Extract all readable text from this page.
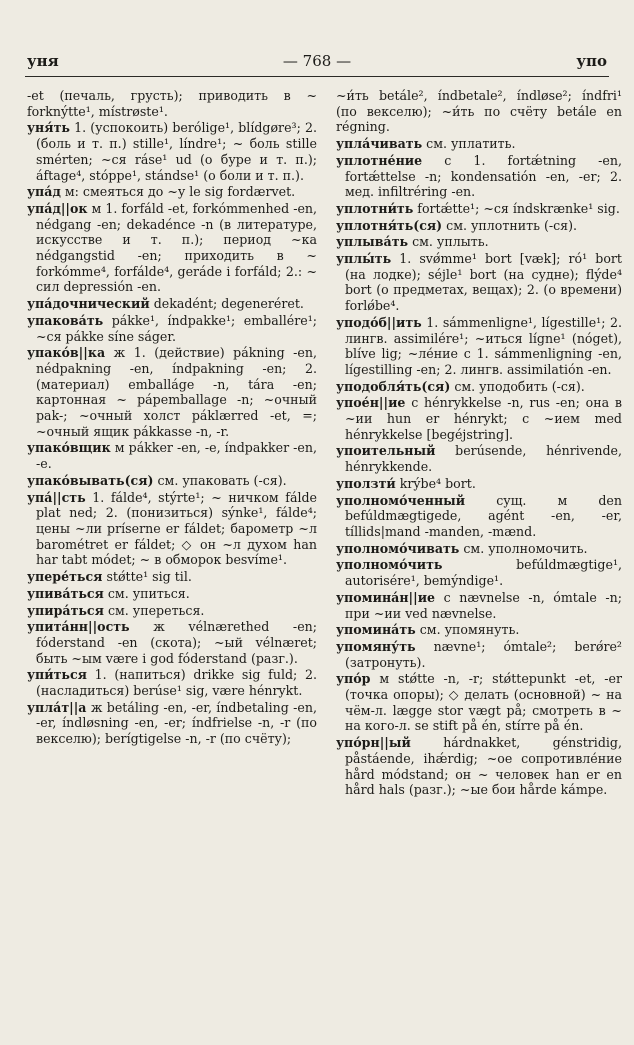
уня	— 768 —	упо

-et (печаль, грусть); приводить в ~ forknýtte¹, místrøste¹.

уня́ть 1. (успокоить) berólige¹, blídgøre³; 2. (боль и т. п.) stille¹, líndre¹; ~ боль stille smérten; ~ся ráse¹ ud (о буре и т. п.); áftage⁴, stóppe¹, stándse¹ (о боли и т. п.).

упа́д м: смеяться до ~у le sig fordærvet.

упа́д||ок м 1. forfáld -et, forkómmenhed -en, nédgang -en; dekadénce -n (в литературе, искусстве и т. п.); период ~ка nédgangstid -en; приходить в ~ forkómme⁴, forfálde⁴, geráde i forfáld; 2.: ~ сил depressión -en.

упа́дочнический dekadént; degeneréret.

упакова́ть pákke¹, índpakke¹; emballére¹; ~ся pákke síne ságer.

упако́в||ка ж 1. (действие) pákning -en, nédpakning -en, índpakning -en; 2. (материал) emballáge -n, tára -en; картонная ~ pápemballage -n; ~очный pak-; ~очный холст páklærred -et, =; ~очный ящик pákkasse -n, -r.

упако́вщик м pákker -en, -e, índpakker -en, -e.

упако́вывать(ся) см. упаковать (-ся).

упа́||сть 1. fálde⁴, stýrte¹; ~ ничком fálde plat ned; 2. (понизиться) sýnke¹, fálde⁴; цены ~ли príserne er fáldet; барометр ~л barométret er fáldet; ◇ он ~л духом han har tabt módet; ~ в обморок besvíme¹.

упере́ться stǿtte¹ sig til.

упива́ться см. упиться.

упира́ться см. упереться.

упита́нн||ость ж vélnærethed -en; fóderstand -en (скота); ~ый vélnæret; быть ~ым være i god fóderstand (разг.).

упи́ться 1. (напиться) drikke sig fuld; 2. (насладиться) berúse¹ sig, være hénrykt.

упла́т||а ж betáling -en, -er, índbetaling -en, -er, índløsning -en, -er; índfrielse -n, -r (по векселю); berígtigelse -n, -r (по счёту);

~и́ть betále², índbetale², índløse²; índfri¹ (по векселю); ~и́ть по счёту betále en régning.

упла́чивать см. уплатить.

уплотне́ние с 1. fortǽtning -en, fortǽttelse -n; kondensatión -en, -er; 2. мед. infiltréring -en.

уплотни́ть fortǽtte¹; ~ся índskrænke¹ sig.

уплотня́ть(ся) см. уплотнить (-ся).

уплыва́ть см. уплыть.

уплы́ть 1. svǿmme¹ bort [væk]; ró¹ bort (на лодке); séjle¹ bort (на судне); flýde⁴ bort (о предметах, вещах); 2. (о времени) forlǿbe⁴.

уподо́б||ить 1. sámmenligne¹, lígestille¹; 2. лингв. assimilére¹; ~иться lígne¹ (nóget), blíve lig; ~ле́ние с 1. sámmenligning -en, lígestilling -en; 2. лингв. assimilatión -en.

уподобля́ть(ся) см. уподобить (-ся).

упое́н||ие с hénrykkelse -n, rus -en; она в ~ии hun er hénrykt; с ~ием med hénrykkelse [begéjstring].

упоительный berúsende, hénrivende, hénrykkende.

уползти́ krýbe⁴ bort.

уполномо́ченный сущ. м den befúldmægtigede, agént -en, -er, tíllids|mand -manden, -mænd.

уполномо́чивать см. уполномочить.

уполномо́чить	befúldmægtige¹, autorisére¹, bemýndige¹.

упомина́н||ие с nævnelse -n, ómtale -n; при ~ии ved nævnelse.

упомина́ть см. упомянуть.

упомяну́ть nævne¹; ómtale²; berǿre² (затронуть).

упо́р м stǿtte -n, -r; stǿttepunkt -et, -er (точка опоры); ◇ делать (основной) ~ на чём-л. lægge stor vægt på; смотреть в ~ на кого-л. se stift på én, stírre på én.

упо́рн||ый	hárdnakket, génstridig, påstáende, ihǽrdig; ~ое сопротивле́ние hård módstand; он ~ человек han er en hård hals (разг.); ~ые бои hårde kámpe.
